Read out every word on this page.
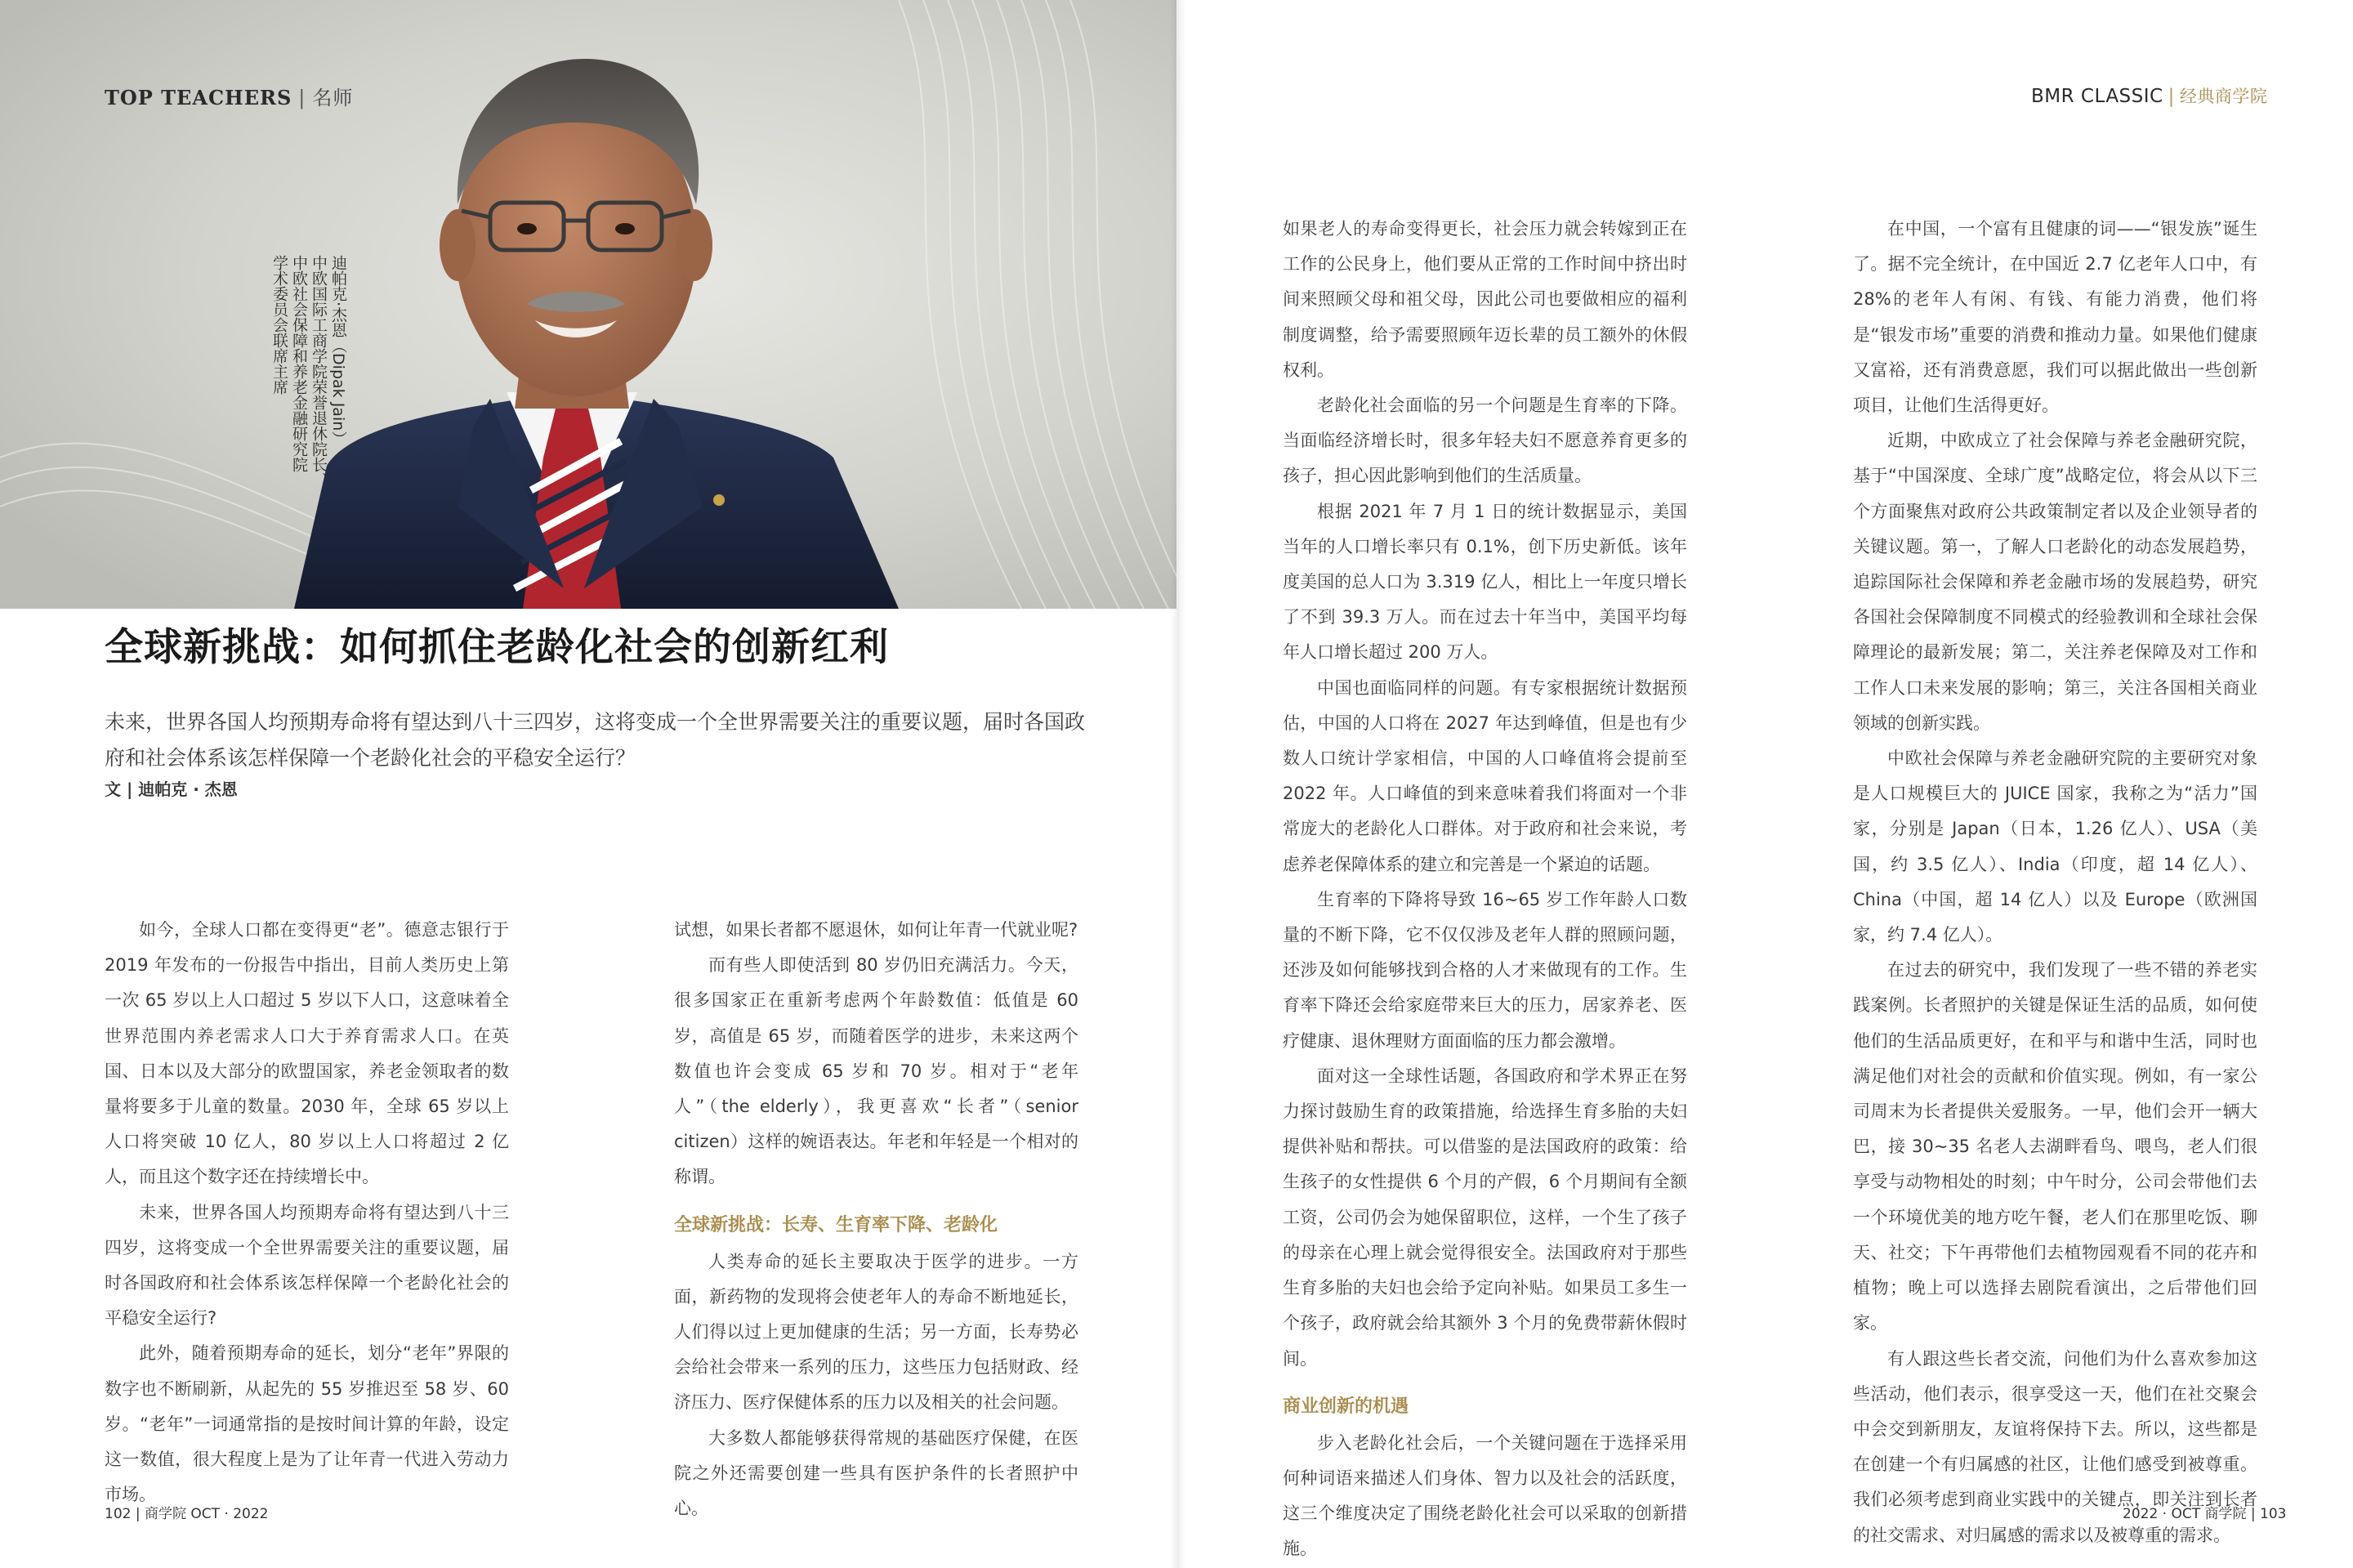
TOP TEACHERS | 名师
迪帕克·杰恩（Dipak Jain）
中欧国际工商学院荣誉退休院长、
中欧社会保障和养老金融研究院
学术委员会联席主席
全球新挑战：如何抓住老龄化社会的创新红利

未来，世界各国人均预期寿命将有望达到八十三四岁，这将变成一个全世界需要关注的重要议题，届时各国政府和社会体系该怎样保障一个老龄化社会的平稳安全运行？

文 | 迪帕克 · 杰恩

如今，全球人口都在变得更“老”。德意志银行于 2019 年发布的一份报告中指出，目前人类历史上第一次 65 岁以上人口超过 5 岁以下人口，这意味着全世界范围内养老需求人口大于养育需求人口。在英国、日本以及大部分的欧盟国家，养老金领取者的数量将要多于儿童的数量。2030 年，全球 65 岁以上人口将突破 10 亿人，80 岁以上人口将超过 2 亿人，而且这个数字还在持续增长中。

未来，世界各国人均预期寿命将有望达到八十三四岁，这将变成一个全世界需要关注的重要议题，届时各国政府和社会体系该怎样保障一个老龄化社会的平稳安全运行?

此外，随着预期寿命的延长，划分“老年”界限的数字也不断刷新，从起先的 55 岁推迟至 58 岁、60 岁。“老年”一词通常指的是按时间计算的年龄，设定这一数值，很大程度上是为了让年青一代进入劳动力市场。

试想，如果长者都不愿退休，如何让年青一代就业呢?

而有些人即使活到 80 岁仍旧充满活力。今天，很多国家正在重新考虑两个年龄数值：低值是 60 岁，高值是 65 岁，而随着医学的进步，未来这两个数值也许会变成 65 岁和 70 岁。相对于“老年人”（the elderly），我更喜欢“长者”（senior citizen）这样的婉语表达。年老和年轻是一个相对的称谓。

全球新挑战：长寿、生育率下降、老龄化

人类寿命的延长主要取决于医学的进步。一方面，新药物的发现将会使老年人的寿命不断地延长，人们得以过上更加健康的生活；另一方面，长寿势必会给社会带来一系列的压力，这些压力包括财政、经济压力、医疗保健体系的压力以及相关的社会问题。

大多数人都能够获得常规的基础医疗保健，在医院之外还需要创建一些具有医护条件的长者照护中心。

102 | 商学院 OCT · 2022
BMR CLASSIC | 经典商学院

如果老人的寿命变得更长，社会压力就会转嫁到正在工作的公民身上，他们要从正常的工作时间中挤出时间来照顾父母和祖父母，因此公司也要做相应的福利制度调整，给予需要照顾年迈长辈的员工额外的休假权利。

老龄化社会面临的另一个问题是生育率的下降。当面临经济增长时，很多年轻夫妇不愿意养育更多的孩子，担心因此影响到他们的生活质量。

根据 2021 年 7 月 1 日的统计数据显示，美国当年的人口增长率只有 0.1%，创下历史新低。该年度美国的总人口为 3.319 亿人，相比上一年度只增长了不到 39.3 万人。而在过去十年当中，美国平均每年人口增长超过 200 万人。

中国也面临同样的问题。有专家根据统计数据预估，中国的人口将在 2027 年达到峰值，但是也有少数人口统计学家相信，中国的人口峰值将会提前至 2022 年。人口峰值的到来意味着我们将面对一个非常庞大的老龄化人口群体。对于政府和社会来说，考虑养老保障体系的建立和完善是一个紧迫的话题。

生育率的下降将导致 16~65 岁工作年龄人口数量的不断下降，它不仅仅涉及老年人群的照顾问题，还涉及如何能够找到合格的人才来做现有的工作。生育率下降还会给家庭带来巨大的压力，居家养老、医疗健康、退休理财方面面临的压力都会激增。

面对这一全球性话题，各国政府和学术界正在努力探讨鼓励生育的政策措施，给选择生育多胎的夫妇提供补贴和帮扶。可以借鉴的是法国政府的政策：给生孩子的女性提供 6 个月的产假，6 个月期间有全额工资，公司仍会为她保留职位，这样，一个生了孩子的母亲在心理上就会觉得很安全。法国政府对于那些生育多胎的夫妇也会给予定向补贴。如果员工多生一个孩子，政府就会给其额外 3 个月的免费带薪休假时间。

商业创新的机遇

步入老龄化社会后，一个关键问题在于选择采用何种词语来描述人们身体、智力以及社会的活跃度，这三个维度决定了围绕老龄化社会可以采取的创新措施。

在中国，一个富有且健康的词——“银发族”诞生了。据不完全统计，在中国近 2.7 亿老年人口中，有28%的老年人有闲、有钱、有能力消费，他们将是“银发市场”重要的消费和推动力量。如果他们健康又富裕，还有消费意愿，我们可以据此做出一些创新项目，让他们生活得更好。

近期，中欧成立了社会保障与养老金融研究院，基于“中国深度、全球广度”战略定位，将会从以下三个方面聚焦对政府公共政策制定者以及企业领导者的关键议题。第一，了解人口老龄化的动态发展趋势，追踪国际社会保障和养老金融市场的发展趋势，研究各国社会保障制度不同模式的经验教训和全球社会保障理论的最新发展；第二，关注养老保障及对工作和工作人口未来发展的影响；第三，关注各国相关商业领域的创新实践。

中欧社会保障与养老金融研究院的主要研究对象是人口规模巨大的 JUICE 国家，我称之为“活力”国家，分别是 Japan（日本，1.26 亿人）、USA（美国，约 3.5 亿人）、India（印度，超 14 亿人）、China（中国，超 14 亿人）以及 Europe（欧洲国家，约 7.4 亿人）。

在过去的研究中，我们发现了一些不错的养老实践案例。长者照护的关键是保证生活的品质，如何使他们的生活品质更好，在和平与和谐中生活，同时也满足他们对社会的贡献和价值实现。例如，有一家公司周末为长者提供关爱服务。一早，他们会开一辆大巴，接 30~35 名老人去湖畔看鸟、喂鸟，老人们很享受与动物相处的时刻；中午时分，公司会带他们去一个环境优美的地方吃午餐，老人们在那里吃饭、聊天、社交；下午再带他们去植物园观看不同的花卉和植物；晚上可以选择去剧院看演出，之后带他们回家。

有人跟这些长者交流，问他们为什么喜欢参加这些活动，他们表示，很享受这一天，他们在社交聚会中会交到新朋友，友谊将保持下去。所以，这些都是在创建一个有归属感的社区，让他们感受到被尊重。我们必须考虑到商业实践中的关键点，即关注到长者的社交需求、对归属感的需求以及被尊重的需求。

2022 · OCT 商学院 | 103
